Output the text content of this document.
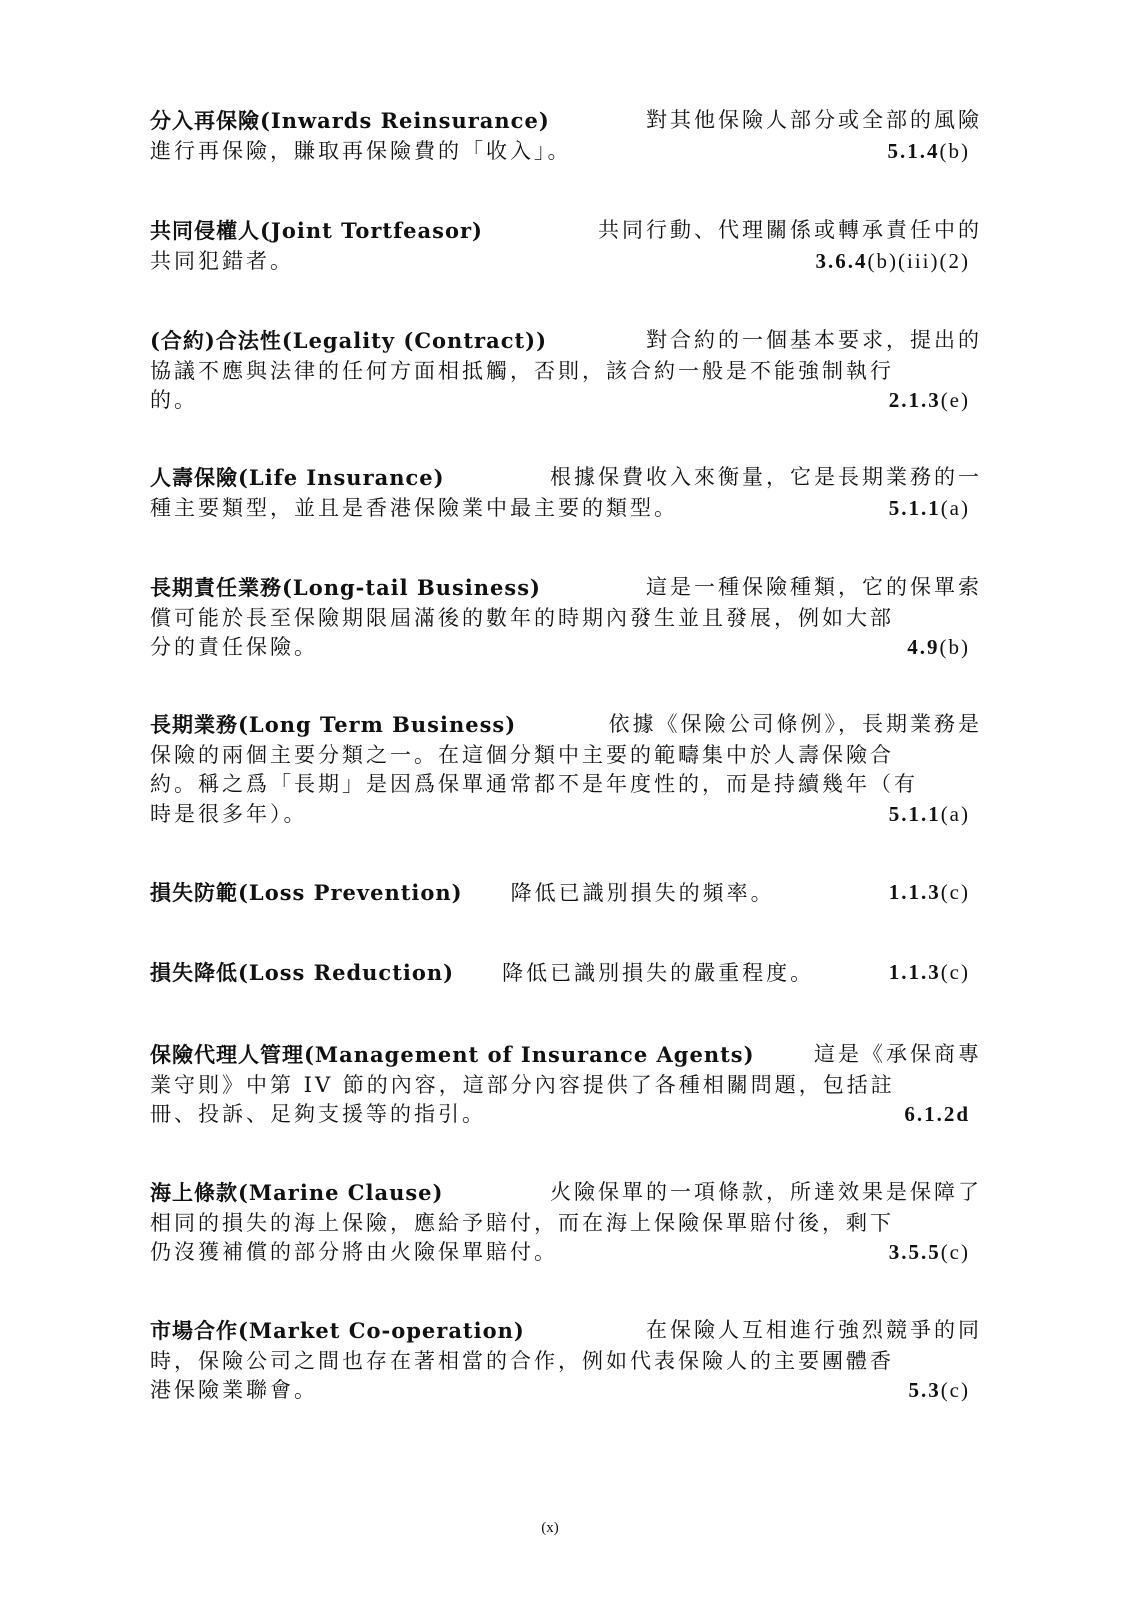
分入再保險(Inwards Reinsurance)	對其他保險人部分或全部的風險
進行再保險，賺取再保險費的「收入」。	5.1.4(b)
共同侵權人(Joint Tortfeasor)	共同行動、代理關係或轉承責任中的
共同犯錯者。	3.6.4(b)(iii)(2)
(合約)合法性(Legality (Contract))	對合約的一個基本要求，提出的
協議不應與法律的任何方面相抵觸，否則，該合約一般是不能強制執行
的。	2.1.3(e)
人壽保險(Life Insurance)	根據保費收入來衡量，它是長期業務的一
種主要類型，並且是香港保險業中最主要的類型。	5.1.1(a)
長期責任業務(Long-tail Business)	這是一種保險種類，它的保單索
償可能於長至保險期限屆滿後的數年的時期內發生並且發展，例如大部
分的責任保險。	4.9(b)
長期業務(Long Term Business)	依據《保險公司條例》，長期業務是
保險的兩個主要分類之一。在這個分類中主要的範疇集中於人壽保險合
約。稱之爲「長期」是因爲保單通常都不是年度性的，而是持續幾年（有
時是很多年）。	5.1.1(a)
損失防範(Loss Prevention) 降低已識別損失的頻率。	1.1.3(c)
損失降低(Loss Reduction) 降低已識別損失的嚴重程度。	1.1.3(c)
保險代理人管理(Management of Insurance Agents)	這是《承保商專
業守則》中第 IV 節的內容，這部分內容提供了各種相關問題，包括註
冊、投訴、足夠支援等的指引。	6.1.2d
海上條款(Marine Clause)	火險保單的一項條款，所達效果是保障了
相同的損失的海上保險，應給予賠付，而在海上保險保單賠付後，剩下
仍沒獲補償的部分將由火險保單賠付。	3.5.5(c)
市場合作(Market Co-operation)	在保險人互相進行強烈競爭的同
時，保險公司之間也存在著相當的合作，例如代表保險人的主要團體香
港保險業聯會。	5.3(c)
(x)
